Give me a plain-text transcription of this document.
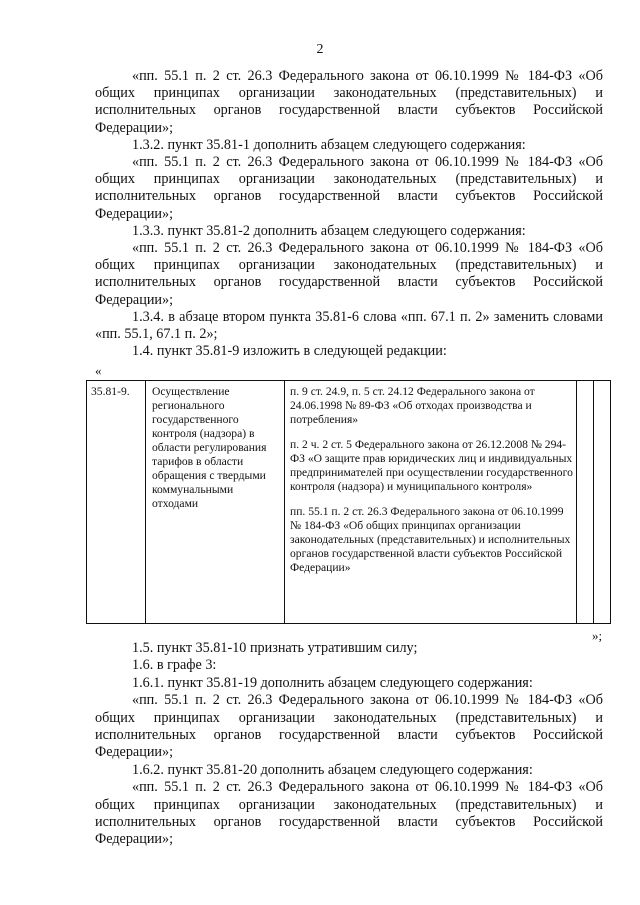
2

«пп. 55.1 п. 2 ст. 26.3 Федерального закона от 06.10.1999 № 184-ФЗ «Об общих принципах организации законодательных (представительных) и исполнительных органов государственной власти субъектов Российской Федерации»;

1.3.2. пункт 35.81-1 дополнить абзацем следующего содержания:

«пп. 55.1 п. 2 ст. 26.3 Федерального закона от 06.10.1999 № 184-ФЗ «Об общих принципах организации законодательных (представительных) и исполнительных органов государственной власти субъектов Российской Федерации»;

1.3.3. пункт 35.81-2 дополнить абзацем следующего содержания:

«пп. 55.1 п. 2 ст. 26.3 Федерального закона от 06.10.1999 № 184-ФЗ «Об общих принципах организации законодательных (представительных) и исполнительных органов государственной власти субъектов Российской Федерации»;

1.3.4. в абзаце втором пункта 35.81-6 слова «пп. 67.1 п. 2» заменить словами «пп. 55.1, 67.1 п. 2»;

1.4. пункт 35.81-9 изложить в следующей редакции:

«
35.81-9. Осуществление регионального государственного контроля (надзора) в области регулирования тарифов в области обращения с твердыми коммунальными отходами

п. 9 ст. 24.9, п. 5 ст. 24.12 Федерального закона от 24.06.1998 № 89-ФЗ «Об отходах производства и потребления»

п. 2 ч. 2 ст. 5 Федерального закона от 26.12.2008 № 294-ФЗ «О защите прав юридических лиц и индивидуальных предпринимателей при осуществлении государственного контроля (надзора) и муниципального контроля»

пп. 55.1 п. 2 ст. 26.3 Федерального закона от 06.10.1999 № 184-ФЗ «Об общих принципах организации законодательных (представительных) и исполнительных органов государственной власти субъектов Российской Федерации»

»;

1.5. пункт 35.81-10 признать утратившим силу;

1.6. в графе 3:

1.6.1. пункт 35.81-19 дополнить абзацем следующего содержания:

«пп. 55.1 п. 2 ст. 26.3 Федерального закона от 06.10.1999 № 184-ФЗ «Об общих принципах организации законодательных (представительных) и исполнительных органов государственной власти субъектов Российской Федерации»;

1.6.2. пункт 35.81-20 дополнить абзацем следующего содержания:

«пп. 55.1 п. 2 ст. 26.3 Федерального закона от 06.10.1999 № 184-ФЗ «Об общих принципах организации законодательных (представительных) и исполнительных органов государственной власти субъектов Российской Федерации»;
